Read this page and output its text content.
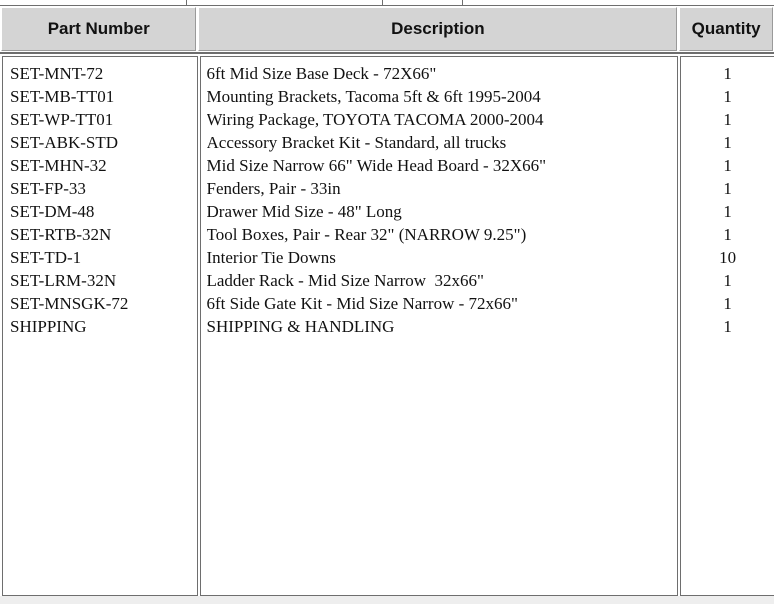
Part Number	Description	Quantity
SET-MNT-72
SET-MB-TT01
SET-WP-TT01
SET-ABK-STD
SET-MHN-32
SET-FP-33
SET-DM-48
SET-RTB-32N
SET-TD-1
SET-LRM-32N
SET-MNSGK-72
SHIPPING
6ft Mid Size Base Deck - 72X66"
Mounting Brackets, Tacoma 5ft & 6ft 1995-2004
Wiring Package, TOYOTA TACOMA 2000-2004
Accessory Bracket Kit - Standard, all trucks
Mid Size Narrow 66" Wide Head Board - 32X66"
Fenders, Pair - 33in
Drawer Mid Size - 48" Long
Tool Boxes, Pair - Rear 32" (NARROW 9.25")
Interior Tie Downs
Ladder Rack - Mid Size Narrow  32x66"
6ft Side Gate Kit - Mid Size Narrow - 72x66"
SHIPPING & HANDLING
1
1
1
1
1
1
1
1
10
1
1
1
